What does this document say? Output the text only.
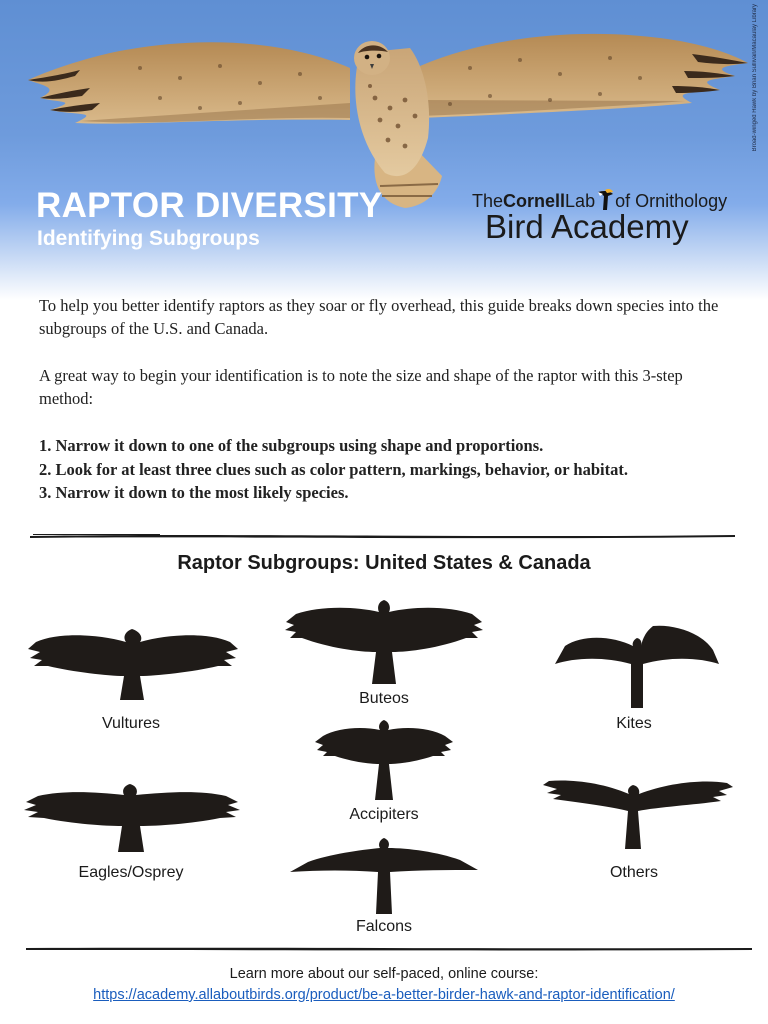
Broad-winged Hawk by Brian Sullivan/Macaulay Library
RAPTOR DIVERSITY
Identifying Subgroups
TheCornellLab of Ornithology
Bird Academy

To help you better identify raptors as they soar or fly overhead, this guide breaks down species into the subgroups of the U.S. and Canada.

A great way to begin your identification is to note the size and shape of the raptor with this 3-step method:

1. Narrow it down to one of the subgroups using shape and proportions.
2. Look for at least three clues such as color pattern, markings, behavior, or habitat.
3. Narrow it down to the most likely species.
Raptor Subgroups: United States & Canada
Vultures
Buteos
Kites
Accipiters
Eagles/Osprey	Others
Falcons
Learn more about our self-paced, online course:
https://academy.allaboutbirds.org/product/be-a-better-birder-hawk-and-raptor-identification/
